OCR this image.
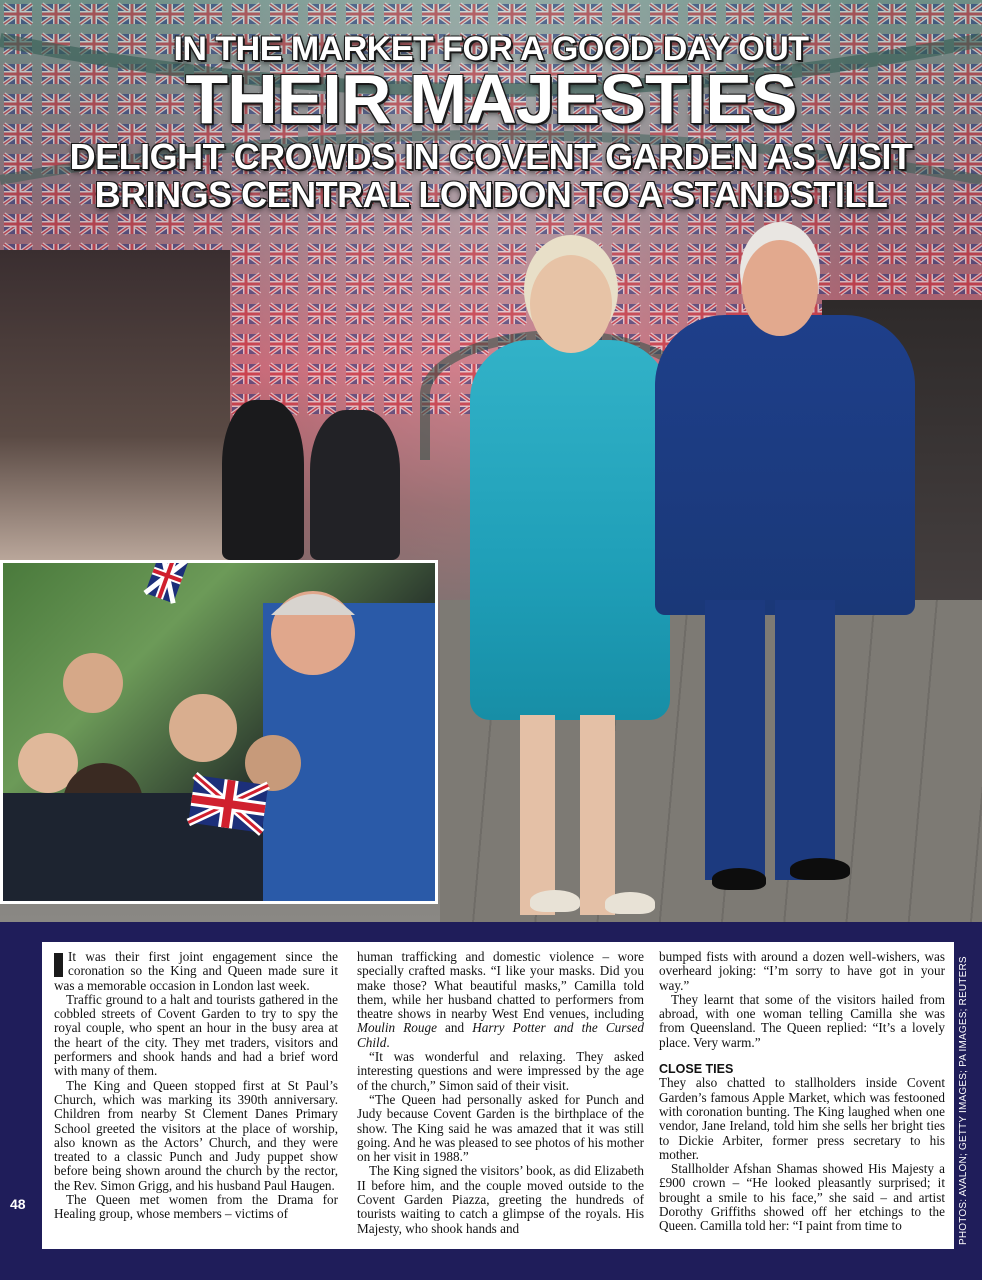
IN THE MARKET FOR A GOOD DAY OUT
THEIR MAJESTIES
DELIGHT CROWDS IN COVENT GARDEN AS VISIT
BRINGS CENTRAL LONDON TO A STANDSTILL

It was their first joint engagement since the coronation so the King and Queen made sure it was a memorable occasion in London last week.

Traffic ground to a halt and tourists gathered in the cobbled streets of Covent Garden to try to spy the royal couple, who spent an hour in the busy area at the heart of the city. They met traders, visitors and performers and shook hands and had a brief word with many of them.

The King and Queen stopped first at St Paul’s Church, which was marking its 390th anniversary. Children from nearby St Clement Danes Primary School greeted the visitors at the place of worship, also known as the Actors’ Church, and they were treated to a classic Punch and Judy puppet show before being shown around the church by the rector, the Rev. Simon Grigg, and his husband Paul Haugen.

The Queen met women from the Drama for Healing group, whose members – victims of

human trafficking and domestic violence – wore specially crafted masks. “I like your masks. Did you make those? What beautiful masks,” Camilla told them, while her husband chatted to performers from theatre shows in nearby West End venues, including Moulin Rouge and Harry Potter and the Cursed Child.

“It was wonderful and relaxing. They asked interesting questions and were impressed by the age of the church,” Simon said of their visit.

“The Queen had personally asked for Punch and Judy because Covent Garden is the birthplace of the show. The King said he was amazed that it was still going. And he was pleased to see photos of his mother on her visit in 1988.”

The King signed the visitors’ book, as did Elizabeth II before him, and the couple moved outside to the Covent Garden Piazza, greeting the hundreds of tourists waiting to catch a glimpse of the royals. His Majesty, who shook hands and

bumped fists with around a dozen well-wishers, was overheard joking: “I’m sorry to have got in your way.”

They learnt that some of the visitors hailed from abroad, with one woman telling Camilla she was from Queensland. The Queen replied: “It’s a lovely place. Very warm.”

CLOSE TIES

They also chatted to stallholders inside Covent Garden’s famous Apple Market, which was festooned with coronation bunting. The King laughed when one vendor, Jane Ireland, told him she sells her bright ties to Dickie Arbiter, former press secretary to his mother.

Stallholder Afshan Shamas showed His Majesty a £900 crown – “He looked pleasantly surprised; it brought a smile to his face,” she said – and artist Dorothy Griffiths showed off her etchings to the Queen. Camilla told her: “I paint from time to

48	PHOTOS: AVALON; GETTY IMAGES; PA IMAGES; REUTERS
